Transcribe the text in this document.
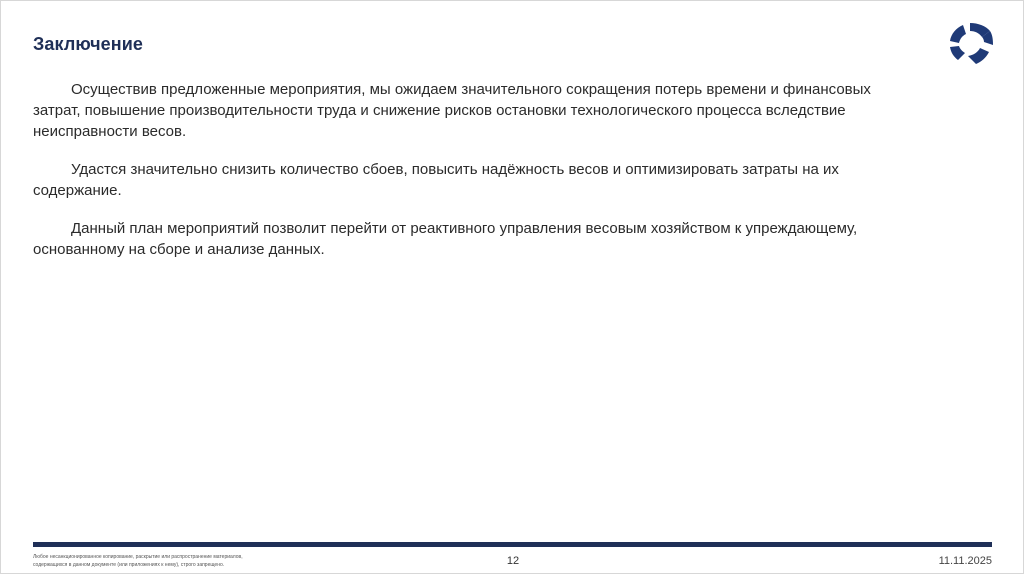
Заключение

Осуществив предложенные мероприятия, мы ожидаем значительного сокращения потерь времени и финансовых затрат, повышение производительности труда и снижение рисков остановки технологического процесса вследствие неисправности весов.

Удастся значительно снизить количество сбоев, повысить надёжность весов и оптимизировать затраты на их содержание.

Данный план мероприятий позволит перейти от реактивного управления весовым хозяйством к упреждающему, основанному на сборе и анализе данных.

Любое несанкционированное копирование, раскрытие или распространение материалов, содержащихся в данном документе (или приложениях к нему), строго запрещено.	12	11.11.2025
